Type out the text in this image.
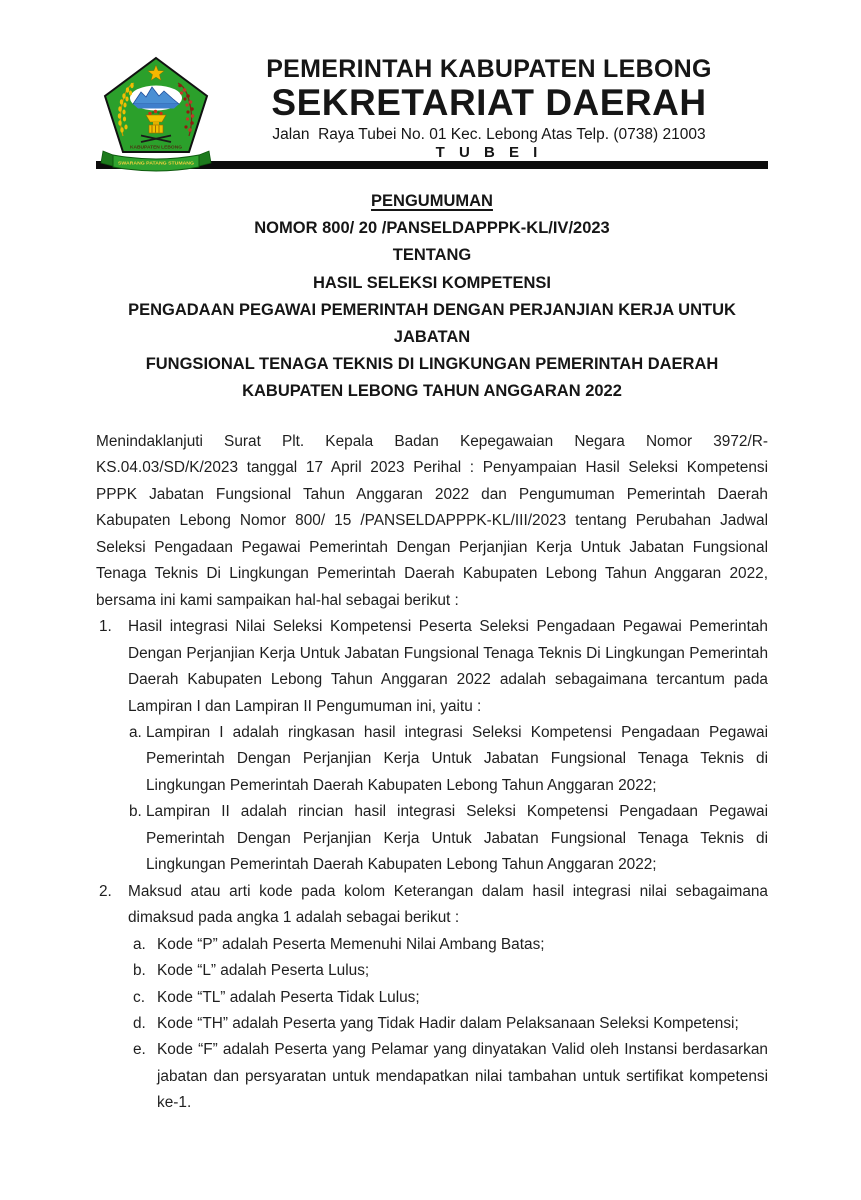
KABUPATEN LEBONG
SWARANG PATANG STUMANG
PEMERINTAH KABUPATEN LEBONG
SEKRETARIAT DAERAH
Jalan  Raya Tubei No. 01 Kec. Lebong Atas Telp. (0738) 21003
T U B E I
PENGUMUMAN
NOMOR 800/ 20 /PANSELDAPPPK-KL/IV/2023
TENTANG
HASIL SELEKSI KOMPETENSI
PENGADAAN PEGAWAI PEMERINTAH DENGAN PERJANJIAN KERJA UNTUK JABATAN
FUNGSIONAL TENAGA TEKNIS DI LINGKUNGAN PEMERINTAH DAERAH
KABUPATEN LEBONG TAHUN ANGGARAN 2022

Menindaklanjuti Surat Plt. Kepala Badan Kepegawaian Negara Nomor 3972/R-KS.04.03/SD/K/2023 tanggal 17 April 2023 Perihal : Penyampaian Hasil Seleksi Kompetensi PPPK Jabatan Fungsional Tahun Anggaran 2022 dan Pengumuman Pemerintah Daerah Kabupaten Lebong Nomor 800/ 15 /PANSELDAPPPK-KL/III/2023 tentang Perubahan Jadwal Seleksi Pengadaan Pegawai Pemerintah Dengan Perjanjian Kerja Untuk Jabatan Fungsional Tenaga Teknis Di Lingkungan Pemerintah Daerah Kabupaten Lebong Tahun Anggaran 2022, bersama ini kami sampaikan hal-hal sebagai berikut :

1.	Hasil integrasi Nilai Seleksi Kompetensi Peserta Seleksi Pengadaan Pegawai Pemerintah Dengan Perjanjian Kerja Untuk Jabatan Fungsional Tenaga Teknis Di Lingkungan Pemerintah Daerah Kabupaten Lebong Tahun Anggaran 2022 adalah sebagaimana tercantum pada Lampiran I dan Lampiran II Pengumuman ini, yaitu :
a. Lampiran I adalah ringkasan hasil integrasi Seleksi Kompetensi Pengadaan Pegawai Pemerintah Dengan Perjanjian Kerja Untuk Jabatan Fungsional Tenaga Teknis di Lingkungan Pemerintah Daerah Kabupaten Lebong Tahun Anggaran 2022;
b. Lampiran II adalah rincian hasil integrasi Seleksi Kompetensi Pengadaan Pegawai Pemerintah Dengan Perjanjian Kerja Untuk Jabatan Fungsional Tenaga Teknis di Lingkungan Pemerintah Daerah Kabupaten Lebong Tahun Anggaran 2022;
2.	Maksud atau arti kode pada kolom Keterangan dalam hasil integrasi nilai sebagaimana dimaksud pada angka 1 adalah sebagai berikut :
a. Kode “P” adalah Peserta Memenuhi Nilai Ambang Batas;
b. Kode “L” adalah Peserta Lulus;
c. Kode “TL” adalah Peserta Tidak Lulus;
d. Kode “TH” adalah Peserta yang Tidak Hadir dalam Pelaksanaan Seleksi Kompetensi;
e. Kode “F” adalah Peserta yang Pelamar yang dinyatakan Valid oleh Instansi berdasarkan jabatan dan persyaratan untuk mendapatkan nilai tambahan untuk sertifikat kompetensi ke-1.
